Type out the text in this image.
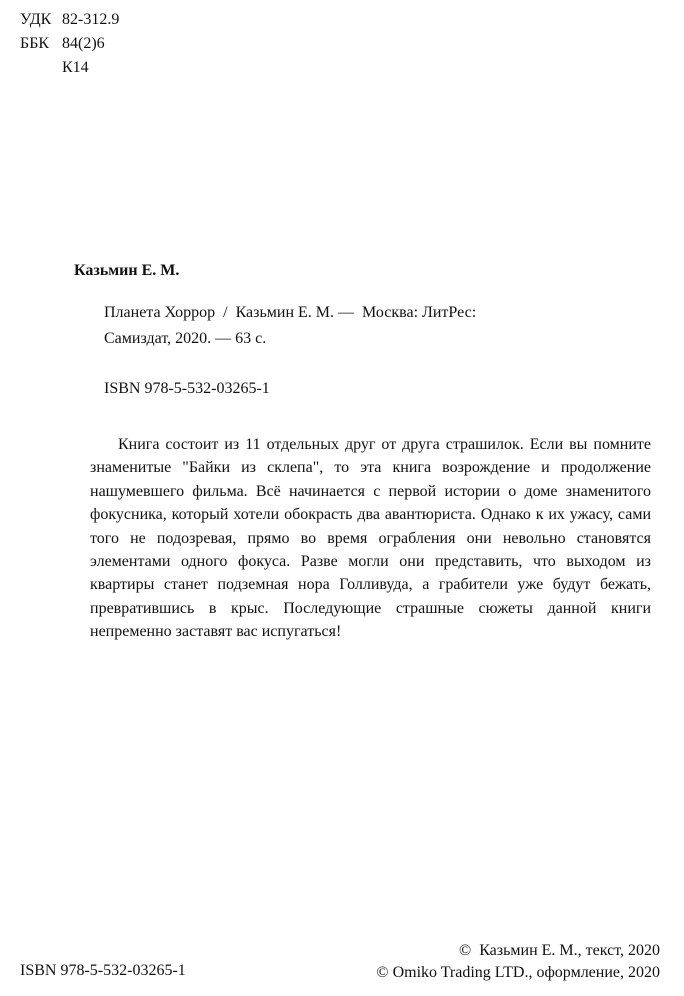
УДК 82-312.9
ББК 84(2)6
К14
Казьмин Е. М.
Планета Хоррор  /  Казьмин Е. М. —  Москва: ЛитРес:
Самиздат, 2020. — 63 с.
ISBN 978-5-532-03265-1
Книга состоит из 11 отдельных друг от друга страшилок. Если вы помните знаменитые "Байки из склепа", то эта книга возрождение и продолжение нашумевшего фильма. Всё начинается с первой истории о доме знаменитого фокусника, который хотели обокрасть два авантюриста. Однако к их ужасу, сами того не подозревая, прямо во время ограбления они невольно становятся элементами одного фокуса. Разве могли они представить, что выходом из квартиры станет подземная нора Голливуда, а грабители уже будут бежать, превратившись в крыс. Последующие страшные сюжеты данной книги непременно заставят вас испугаться!
ISBN 978-5-532-03265-1
©  Казьмин Е. М., текст, 2020
© Omiko Trading LTD., оформление, 2020
